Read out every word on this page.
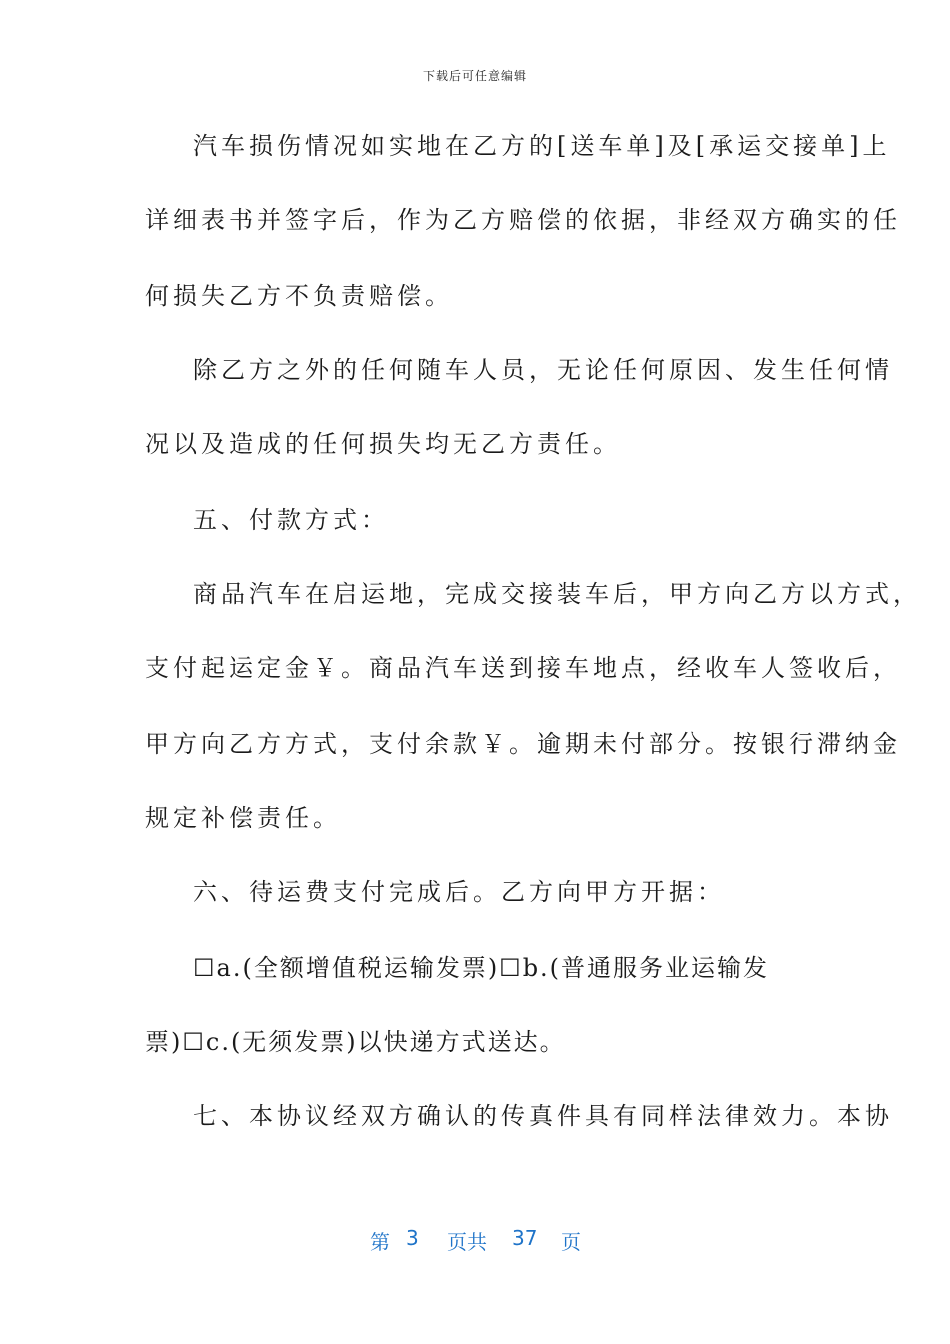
下载后可任意编辑
汽车损伤情况如实地在乙方的[送车单]及[承运交接单]上
详细表书并签字后，作为乙方赔偿的依据，非经双方确实的任
何损失乙方不负责赔偿。
除乙方之外的任何随车人员，无论任何原因、发生任何情
况以及造成的任何损失均无乙方责任。
五、付款方式：
商品汽车在启运地，完成交接装车后，甲方向乙方以方式，
支付起运定金￥。商品汽车送到接车地点，经收车人签收后，
甲方向乙方方式，支付余款￥。逾期未付部分。按银行滞纳金
规定补偿责任。
六、待运费支付完成后。乙方向甲方开据：
☐a.(全额增值税运输发票)☐b.(普通服务业运输发
票)☐c.(无须发票)以快递方式送达。
七、本协议经双方确认的传真件具有同样法律效力。本协
第 3 页共 37 页
